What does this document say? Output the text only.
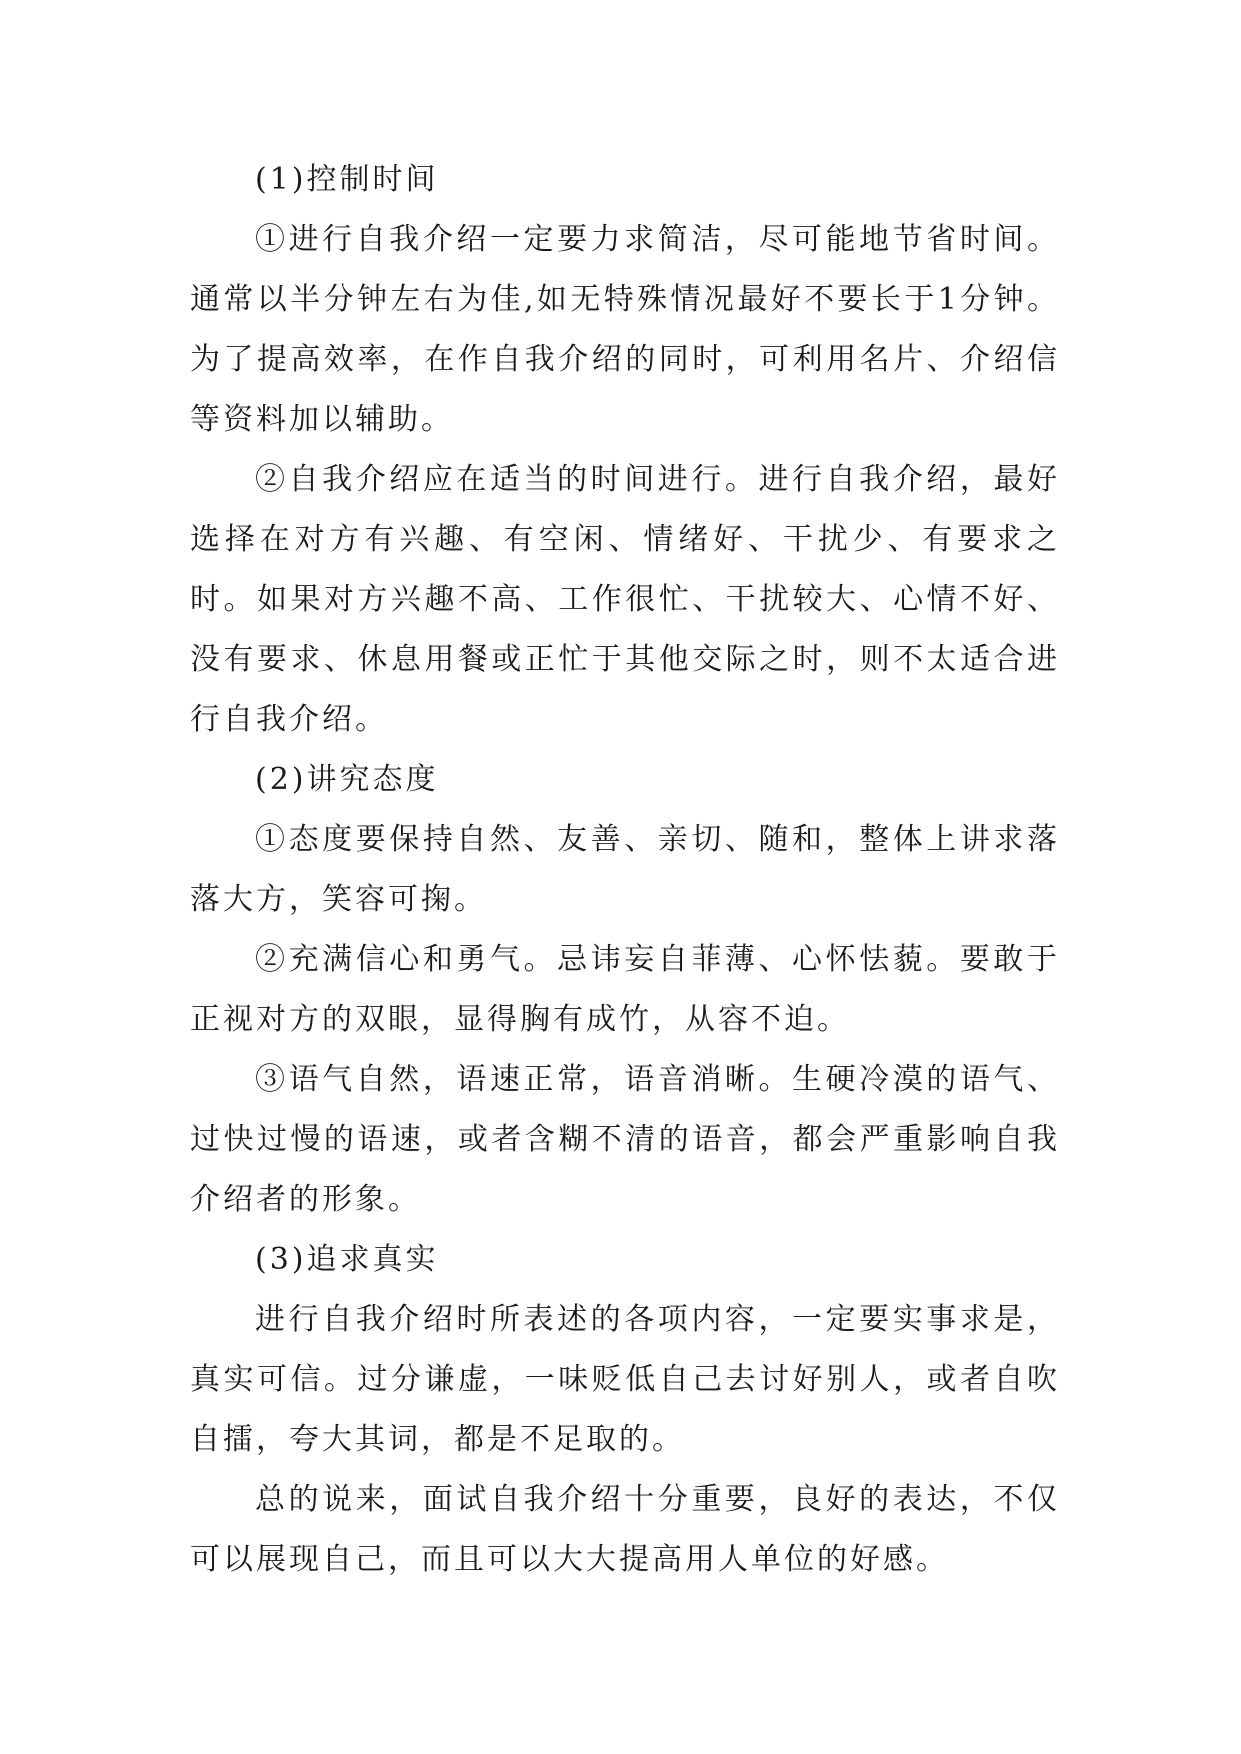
(1)控制时间

①进行自我介绍一定要力求简洁，尽可能地节省时间。通常以半分钟左右为佳,如无特殊情况最好不要长于1分钟。为了提高效率，在作自我介绍的同时，可利用名片、介绍信等资料加以辅助。

②自我介绍应在适当的时间进行。进行自我介绍，最好选择在对方有兴趣、有空闲、情绪好、干扰少、有要求之时。如果对方兴趣不高、工作很忙、干扰较大、心情不好、没有要求、休息用餐或正忙于其他交际之时，则不太适合进行自我介绍。

(2)讲究态度

①态度要保持自然、友善、亲切、随和，整体上讲求落落大方，笑容可掬。

②充满信心和勇气。忌讳妄自菲薄、心怀怯藐。要敢于正视对方的双眼，显得胸有成竹，从容不迫。

③语气自然，语速正常，语音消晰。生硬冷漠的语气、过快过慢的语速，或者含糊不清的语音，都会严重影响自我介绍者的形象。

(3)追求真实

进行自我介绍时所表述的各项内容，一定要实事求是，真实可信。过分谦虚，一味贬低自己去讨好别人，或者自吹自擂，夸大其词，都是不足取的。

总的说来，面试自我介绍十分重要，良好的表达，不仅可以展现自己，而且可以大大提高用人单位的好感。
